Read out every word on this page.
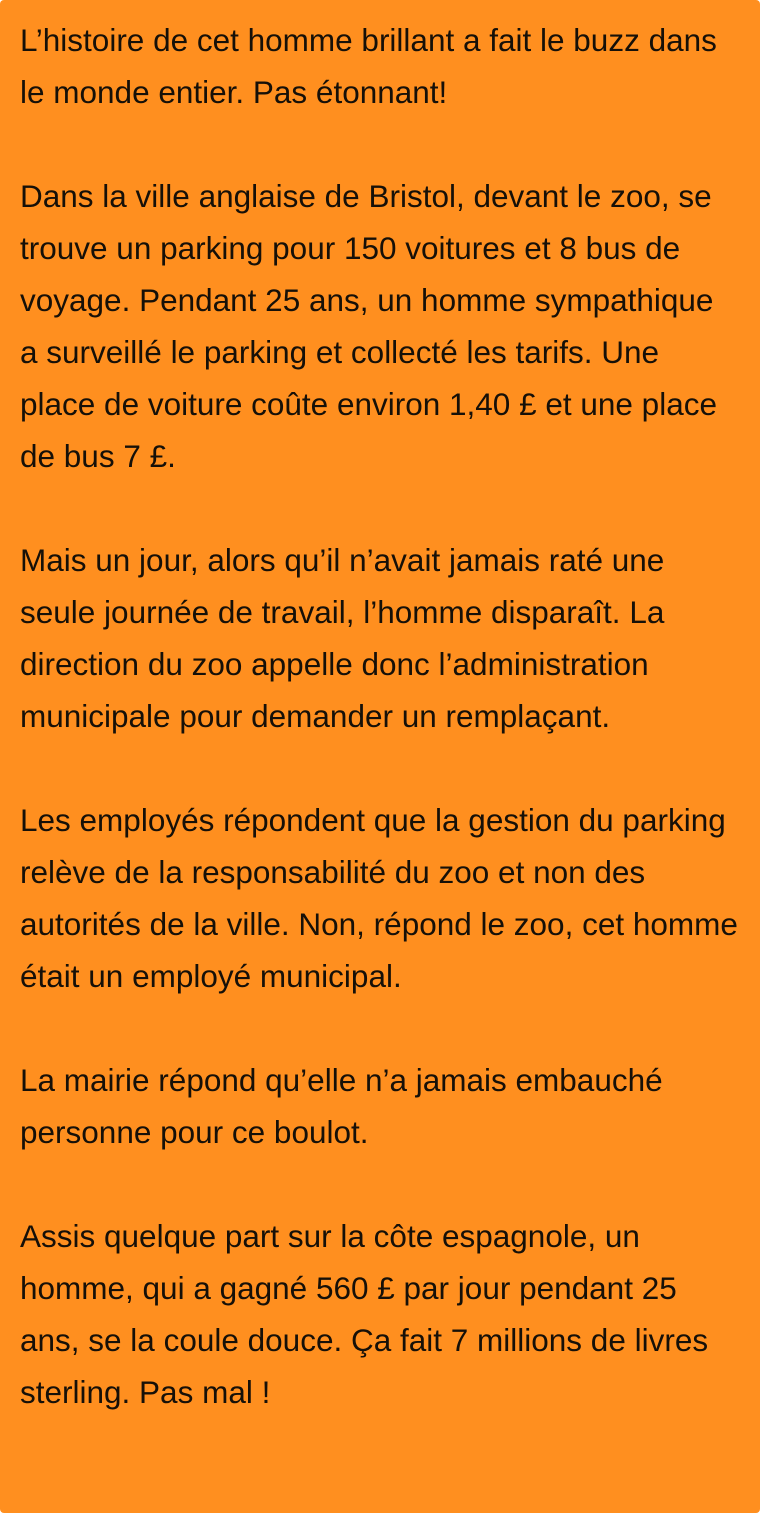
L’histoire de cet homme brillant a fait le buzz dans le monde entier. Pas étonnant!

Dans la ville anglaise de Bristol, devant le zoo, se trouve un parking pour 150 voitures et 8 bus de voyage. Pendant 25 ans, un homme sympathique a surveillé le parking et collecté les tarifs. Une place de voiture coûte environ 1,40 £ et une place de bus 7 £.

Mais un jour, alors qu’il n’avait jamais raté une seule journée de travail, l’homme disparaît. La direction du zoo appelle donc l’administration municipale pour demander un remplaçant.

Les employés répondent que la gestion du parking relève de la responsabilité du zoo et non des autorités de la ville. Non, répond le zoo, cet homme était un employé municipal.

La mairie répond qu’elle n’a jamais embauché personne pour ce boulot.

Assis quelque part sur la côte espagnole, un homme, qui a gagné 560 £ par jour pendant 25 ans, se la coule douce. Ça fait 7 millions de livres sterling. Pas mal !
